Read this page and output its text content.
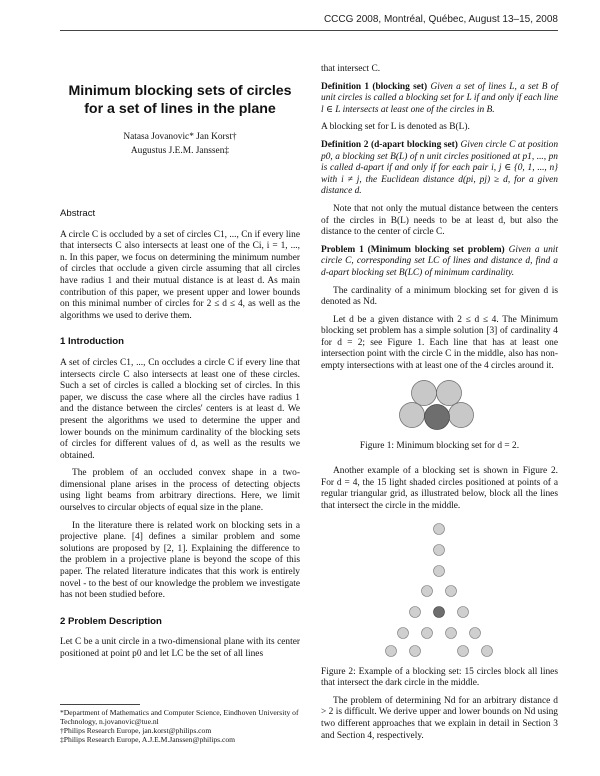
CCCG 2008, Montréal, Québec, August 13–15, 2008
Minimum blocking sets of circles
for a set of lines in the plane
Natasa Jovanovic* Jan Korst†
Augustus J.E.M. Janssen‡
Abstract

A circle C is occluded by a set of circles C1, ..., Cn if every line that intersects C also intersects at least one of the Ci, i = 1, ..., n. In this paper, we focus on determining the minimum number of circles that occlude a given circle assuming that all circles have radius 1 and their mutual distance is at least d. As main contribution of this paper, we present upper and lower bounds on this minimal number of circles for 2 ≤ d ≤ 4, as well as the algorithms we used to derive them.

1 Introduction

A set of circles C1, ..., Cn occludes a circle C if every line that intersects circle C also intersects at least one of these circles. Such a set of circles is called a blocking set of circles. In this paper, we discuss the case where all the circles have radius 1 and the distance between the circles' centers is at least d. We present the algorithms we used to determine the upper and lower bounds on the minimum cardinality of the blocking sets of circles for different values of d, as well as the results we obtained.

The problem of an occluded convex shape in a two-dimensional plane arises in the process of detecting objects using light beams from arbitrary directions. Here, we limit ourselves to circular objects of equal size in the plane.

In the literature there is related work on blocking sets in a projective plane. [4] defines a similar problem and some solutions are proposed by [2, 1]. Explaining the difference to the problem in a projective plane is beyond the scope of this paper. The related literature indicates that this work is entirely novel - to the best of our knowledge the problem we investigate has not been studied before.

2 Problem Description

Let C be a unit circle in a two-dimensional plane with its center positioned at point p0 and let LC be the set of all lines

*Department of Mathematics and Computer Science, Eindhoven University of Technology, n.jovanovic@tue.nl
†Philips Research Europe, jan.korst@philips.com
‡Philips Research Europe, A.J.E.M.Janssen@philips.com

that intersect C.

Definition 1 (blocking set) Given a set of lines L, a set B of unit circles is called a blocking set for L if and only if each line l ∈ L intersects at least one of the circles in B.

A blocking set for L is denoted as B(L).

Definition 2 (d-apart blocking set) Given circle C at position p0, a blocking set B(L) of n unit circles positioned at p1, ..., pn is called d-apart if and only if for each pair i, j ∈ {0, 1, ..., n} with i ≠ j, the Euclidean distance d(pi, pj) ≥ d, for a given distance d.

Note that not only the mutual distance between the centers of the circles in B(L) needs to be at least d, but also the distance to the center of circle C.

Problem 1 (Minimum blocking set problem) Given a unit circle C, corresponding set LC of lines and distance d, find a d-apart blocking set B(LC) of minimum cardinality.

The cardinality of a minimum blocking set for given d is denoted as Nd.

Let d be a given distance with 2 ≤ d ≤ 4. The Minimum blocking set problem has a simple solution [3] of cardinality 4 for d = 2; see Figure 1. Each line that has at least one intersection point with the circle C in the middle, also has non-empty intersections with at least one of the 4 circles around it.

Figure 1: Minimum blocking set for d = 2.

Another example of a blocking set is shown in Figure 2. For d = 4, the 15 light shaded circles positioned at points of a regular triangular grid, as illustrated below, block all the lines that intersect the circle in the middle.

Figure 2: Example of a blocking set: 15 circles block all lines that intersect the dark circle in the middle.

The problem of determining Nd for an arbitrary distance d > 2 is difficult. We derive upper and lower bounds on Nd using two different approaches that we explain in detail in Section 3 and Section 4, respectively.
